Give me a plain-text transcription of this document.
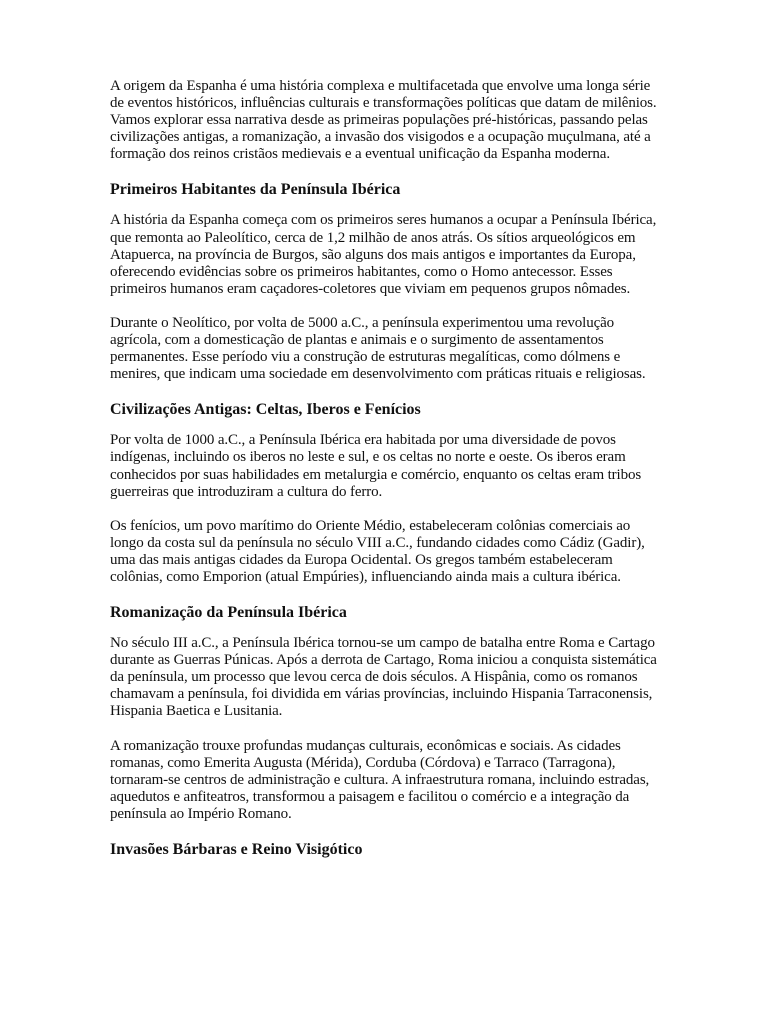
A origem da Espanha é uma história complexa e multifacetada que envolve uma longa série de eventos históricos, influências culturais e transformações políticas que datam de milênios. Vamos explorar essa narrativa desde as primeiras populações pré-históricas, passando pelas civilizações antigas, a romanização, a invasão dos visigodos e a ocupação muçulmana, até a formação dos reinos cristãos medievais e a eventual unificação da Espanha moderna.

Primeiros Habitantes da Península Ibérica

A história da Espanha começa com os primeiros seres humanos a ocupar a Península Ibérica, que remonta ao Paleolítico, cerca de 1,2 milhão de anos atrás. Os sítios arqueológicos em Atapuerca, na província de Burgos, são alguns dos mais antigos e importantes da Europa, oferecendo evidências sobre os primeiros habitantes, como o Homo antecessor. Esses primeiros humanos eram caçadores-coletores que viviam em pequenos grupos nômades.

Durante o Neolítico, por volta de 5000 a.C., a península experimentou uma revolução agrícola, com a domesticação de plantas e animais e o surgimento de assentamentos permanentes. Esse período viu a construção de estruturas megalíticas, como dólmens e menires, que indicam uma sociedade em desenvolvimento com práticas rituais e religiosas.

Civilizações Antigas: Celtas, Iberos e Fenícios

Por volta de 1000 a.C., a Península Ibérica era habitada por uma diversidade de povos indígenas, incluindo os iberos no leste e sul, e os celtas no norte e oeste. Os iberos eram conhecidos por suas habilidades em metalurgia e comércio, enquanto os celtas eram tribos guerreiras que introduziram a cultura do ferro.

Os fenícios, um povo marítimo do Oriente Médio, estabeleceram colônias comerciais ao longo da costa sul da península no século VIII a.C., fundando cidades como Cádiz (Gadir), uma das mais antigas cidades da Europa Ocidental. Os gregos também estabeleceram colônias, como Emporion (atual Empúries), influenciando ainda mais a cultura ibérica.

Romanização da Península Ibérica

No século III a.C., a Península Ibérica tornou-se um campo de batalha entre Roma e Cartago durante as Guerras Púnicas. Após a derrota de Cartago, Roma iniciou a conquista sistemática da península, um processo que levou cerca de dois séculos. A Hispânia, como os romanos chamavam a península, foi dividida em várias províncias, incluindo Hispania Tarraconensis, Hispania Baetica e Lusitania.

A romanização trouxe profundas mudanças culturais, econômicas e sociais. As cidades romanas, como Emerita Augusta (Mérida), Corduba (Córdova) e Tarraco (Tarragona), tornaram-se centros de administração e cultura. A infraestrutura romana, incluindo estradas, aquedutos e anfiteatros, transformou a paisagem e facilitou o comércio e a integração da península ao Império Romano.

Invasões Bárbaras e Reino Visigótico
